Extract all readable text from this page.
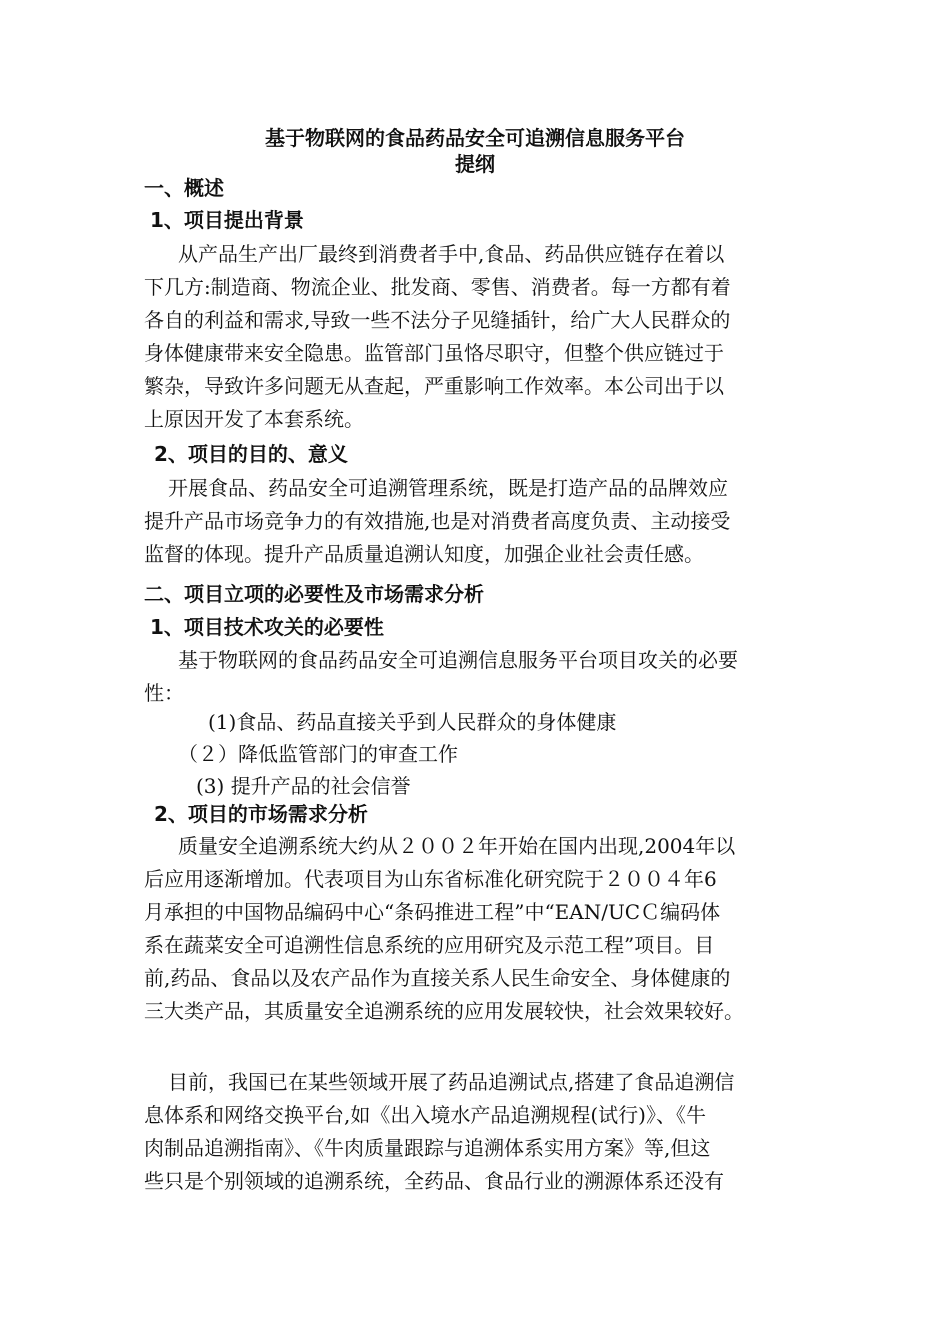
基于物联网的食品药品安全可追溯信息服务平台
提纲
一、概述
1、项目提出背景
从产品生产出厂最终到消费者手中,食品、药品供应链存在着以
下几方:制造商、物流企业、批发商、零售、消费者。每一方都有着
各自的利益和需求,导致一些不法分子见缝插针，给广大人民群众的
身体健康带来安全隐患。监管部门虽恪尽职守，但整个供应链过于
繁杂，导致许多问题无从查起，严重影响工作效率。本公司出于以
上原因开发了本套系统。
2、项目的目的、意义
开展食品、药品安全可追溯管理系统，既是打造产品的品牌效应
提升产品市场竞争力的有效措施,也是对消费者高度负责、主动接受
监督的体现。提升产品质量追溯认知度，加强企业社会责任感。
二、项目立项的必要性及市场需求分析
1、项目技术攻关的必要性
基于物联网的食品药品安全可追溯信息服务平台项目攻关的必要
性：
(1)食品、药品直接关乎到人民群众的身体健康
（２）降低监管部门的审查工作
(3) 提升产品的社会信誉
2、项目的市场需求分析
质量安全追溯系统大约从２００２年开始在国内出现,2004年以
后应用逐渐增加。代表项目为山东省标准化研究院于２００４年6
月承担的中国物品编码中心“条码推进工程”中“EAN/UCＣ编码体
系在蔬菜安全可追溯性信息系统的应用研究及示范工程”项目。目
前,药品、食品以及农产品作为直接关系人民生命安全、身体健康的
三大类产品，其质量安全追溯系统的应用发展较快，社会效果较好。
目前，我国已在某些领域开展了药品追溯试点,搭建了食品追溯信
息体系和网络交换平台,如《出入境水产品追溯规程(试行)》、《牛
肉制品追溯指南》、《牛肉质量跟踪与追溯体系实用方案》等,但这
些只是个别领域的追溯系统，全药品、食品行业的溯源体系还没有
